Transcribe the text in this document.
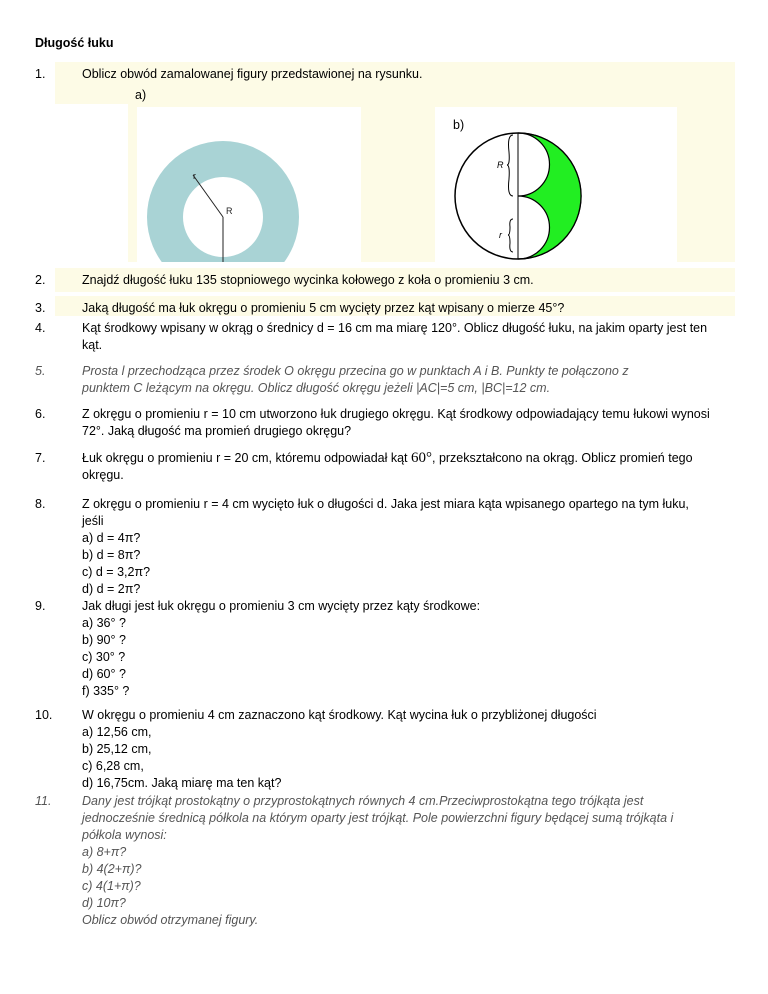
Długość łuku
r
R
a)
R
r
b)
1.	Oblicz obwód zamalowanej figury przedstawionej na rysunku.
2.	Znajdź długość łuku 135 stopniowego wycinka kołowego z koła o promieniu 3 cm.
3.	Jaką długość ma łuk okręgu o promieniu 5 cm wycięty przez kąt wpisany o mierze 45°?
4.	Kąt środkowy wpisany w okrąg o średnicy d = 16 cm ma miarę 120°. Oblicz długość łuku, na jakim oparty jest ten
kąt.
5.	Prosta l przechodząca przez środek O okręgu przecina go w punktach A i B. Punkty te połączono z
punktem C leżącym na okręgu. Oblicz długość okręgu jeżeli |AC|=5 cm, |BC|=12 cm.
6.	Z okręgu o promieniu r = 10 cm utworzono łuk drugiego okręgu. Kąt środkowy odpowiadający temu łukowi wynosi
72°. Jaką długość ma promień drugiego okręgu?
7.	Łuk okręgu o promieniu r = 20 cm, któremu odpowiadał kąt 60°, przekształcono na okrąg. Oblicz promień tego
okręgu.
8.	Z okręgu o promieniu r = 4 cm wycięto łuk o długości d. Jaka jest miara kąta wpisanego opartego na tym łuku,
jeśli
a) d = 4π?
b) d = 8π?
c) d = 3,2π?
d) d = 2π?
9.	Jak długi jest łuk okręgu o promieniu 3 cm wycięty przez kąty środkowe:
a) 36° ?
b) 90° ?
c) 30° ?
d) 60° ?
f) 335° ?
10.	W okręgu o promieniu 4 cm zaznaczono kąt środkowy. Kąt wycina łuk o przybliżonej długości
a) 12,56 cm,
b) 25,12 cm,
c) 6,28 cm,
d) 16,75cm. Jaką miarę ma ten kąt?
11.	Dany jest trójkąt prostokątny o przyprostokątnych równych 4 cm.Przeciwprostokątna tego trójkąta jest
jednocześnie średnicą półkola na którym oparty jest trójkąt. Pole powierzchni figury będącej sumą trójkąta i
półkola wynosi:
a) 8+π?
b) 4(2+π)?
c) 4(1+π)?
d) 10π?
Oblicz obwód otrzymanej figury.
